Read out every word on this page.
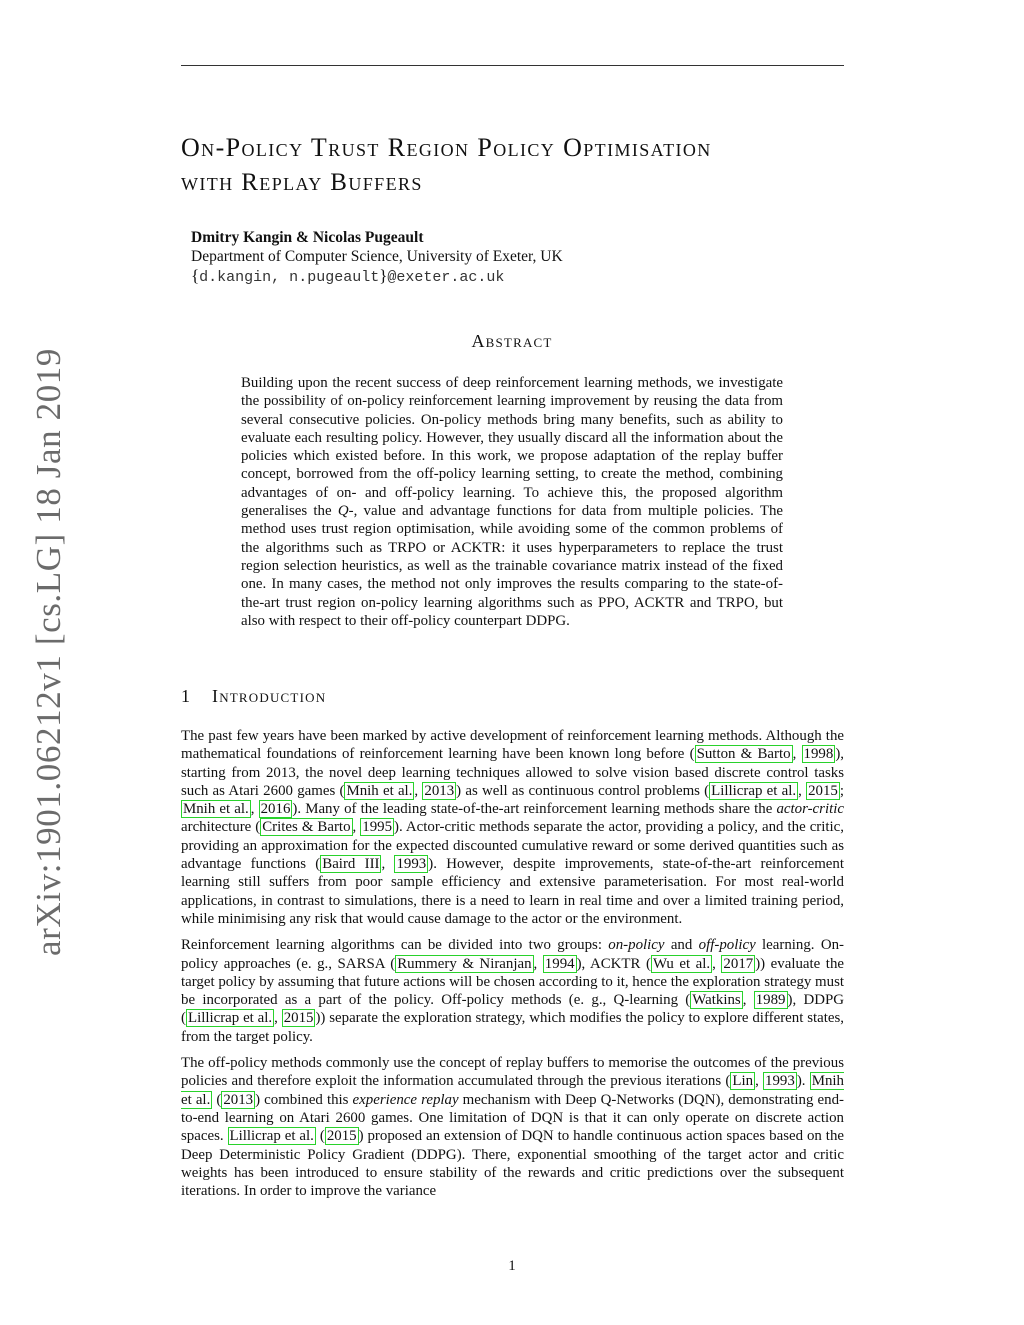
arXiv:1901.06212v1 [cs.LG] 18 Jan 2019
On-Policy Trust Region Policy Optimisation
with Replay Buffers
Dmitry Kangin & Nicolas Pugeault
Department of Computer Science, University of Exeter, UK
{d.kangin, n.pugeault}@exeter.ac.uk
Abstract
Building upon the recent success of deep reinforcement learning methods, we investigate the possibility of on-policy reinforcement learning improvement by reusing the data from several consecutive policies. On-policy methods bring many benefits, such as ability to evaluate each resulting policy. However, they usually discard all the information about the policies which existed before. In this work, we propose adaptation of the replay buffer concept, borrowed from the off-policy learning setting, to create the method, combining advantages of on- and off-policy learning. To achieve this, the proposed algorithm generalises the Q-, value and advantage functions for data from multiple policies. The method uses trust region optimisation, while avoiding some of the common problems of the algorithms such as TRPO or ACKTR: it uses hyperparameters to replace the trust region selection heuristics, as well as the trainable covariance matrix instead of the fixed one. In many cases, the method not only improves the results comparing to the state-of-the-art trust region on-policy learning algorithms such as PPO, ACKTR and TRPO, but also with respect to their off-policy counterpart DDPG.
1 Introduction

The past few years have been marked by active development of reinforcement learning methods. Although the mathematical foundations of reinforcement learning have been known long before ( Sutton & Barto , 1998 ), starting from 2013, the novel deep learning techniques allowed to solve vision based discrete control tasks such as Atari 2600 games ( Mnih et al. , 2013 ) as well as continuous control problems ( Lillicrap et al. , 2015 ; Mnih et al. , 2016 ). Many of the leading state-of-the-art reinforcement learning methods share the actor-critic architecture ( Crites & Barto , 1995 ). Actor-critic methods separate the actor, providing a policy, and the critic, providing an approximation for the expected discounted cumulative reward or some derived quantities such as advantage functions ( Baird III , 1993 ). However, despite improvements, state-of-the-art reinforcement learning still suffers from poor sample efficiency and extensive parameterisation. For most real-world applications, in contrast to simulations, there is a need to learn in real time and over a limited training period, while minimising any risk that would cause damage to the actor or the environment.

Reinforcement learning algorithms can be divided into two groups: on-policy and off-policy learning. On-policy approaches (e. g., SARSA ( Rummery & Niranjan , 1994 ), ACKTR ( Wu et al. , 2017 )) evaluate the target policy by assuming that future actions will be chosen according to it, hence the exploration strategy must be incorporated as a part of the policy. Off-policy methods (e. g., Q-learning ( Watkins , 1989 ), DDPG ( Lillicrap et al. , 2015 )) separate the exploration strategy, which modifies the policy to explore different states, from the target policy.

The off-policy methods commonly use the concept of replay buffers to memorise the outcomes of the previous policies and therefore exploit the information accumulated through the previous iterations ( Lin , 1993 ). Mnih et al. ( 2013 ) combined this experience replay mechanism with Deep Q-Networks (DQN), demonstrating end-to-end learning on Atari 2600 games. One limitation of DQN is that it can only operate on discrete action spaces. Lillicrap et al. ( 2015 ) proposed an extension of DQN to handle continuous action spaces based on the Deep Deterministic Policy Gradient (DDPG). There, exponential smoothing of the target actor and critic weights has been introduced to ensure stability of the rewards and critic predictions over the subsequent iterations. In order to improve the variance

1
